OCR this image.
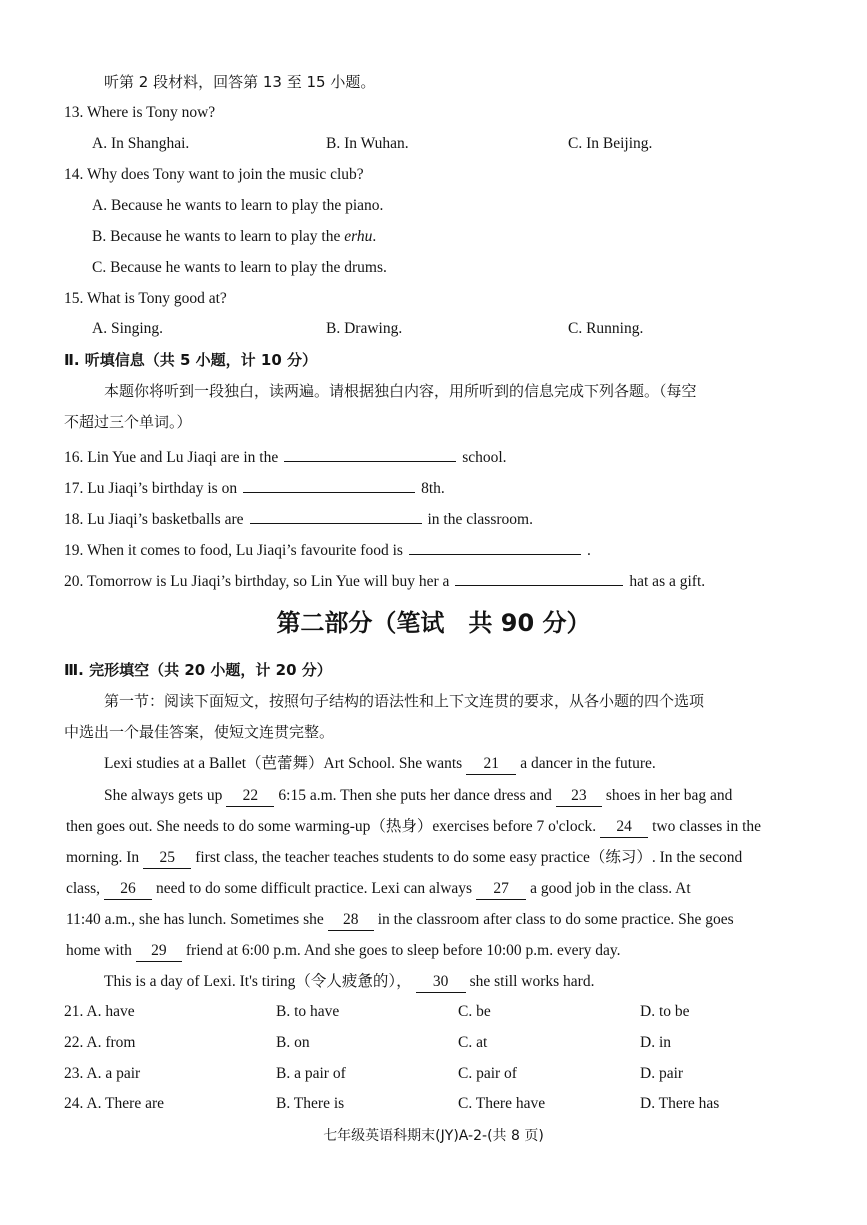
听第 2 段材料，回答第 13 至 15 小题。
13. Where is Tony now?
A. In Shanghai.	B. In Wuhan.	C. In Beijing.
14. Why does Tony want to join the music club?
A. Because he wants to learn to play the piano.
B. Because he wants to learn to play the erhu.
C. Because he wants to learn to play the drums.
15. What is Tony good at?
A. Singing.	B. Drawing.	C. Running.
Ⅱ. 听填信息（共 5 小题，计 10 分）
本题你将听到一段独白，读两遍。请根据独白内容，用所听到的信息完成下列各题。（每空
不超过三个单词。）
16. Lin Yue and Lu Jiaqi are in the	school.
17. Lu Jiaqi’s birthday is on	8th.
18. Lu Jiaqi’s basketballs are	in the classroom.
19. When it comes to food, Lu Jiaqi’s favourite food is	.
20. Tomorrow is Lu Jiaqi’s birthday, so Lin Yue will buy her a	hat as a gift.
第二部分（笔试　共 90 分）
Ⅲ. 完形填空（共 20 小题，计 20 分）
第一节：阅读下面短文，按照句子结构的语法性和上下文连贯的要求，从各小题的四个选项
中选出一个最佳答案，使短文连贯完整。
Lexi studies at a Ballet（芭蕾舞）Art School. She wants 21 a dancer in the future.
She always gets up 22 6:15 a.m. Then she puts her dance dress and 23 shoes in her bag and
then goes out. She needs to do some warming-up（热身）exercises before 7 o'clock. 24 two classes in the
morning. In 25 first class, the teacher teaches students to do some easy practice（练习）. In the second
class, 26 need to do some difficult practice. Lexi can always 27 a good job in the class. At
11:40 a.m., she has lunch. Sometimes she 28 in the classroom after class to do some practice. She goes
home with 29 friend at 6:00 p.m. And she goes to sleep before 10:00 p.m. every day.
This is a day of Lexi. It's tiring（令人疲惫的）， 30 she still works hard.
21. A. have	B. to have	C. be	D. to be
22. A. from	B. on	C. at	D. in
23. A. a pair	B. a pair of	C. pair of	D. pair
24. A. There are	B. There is	C. There have	D. There has
七年级英语科期末(JY)A-2-(共 8 页)
